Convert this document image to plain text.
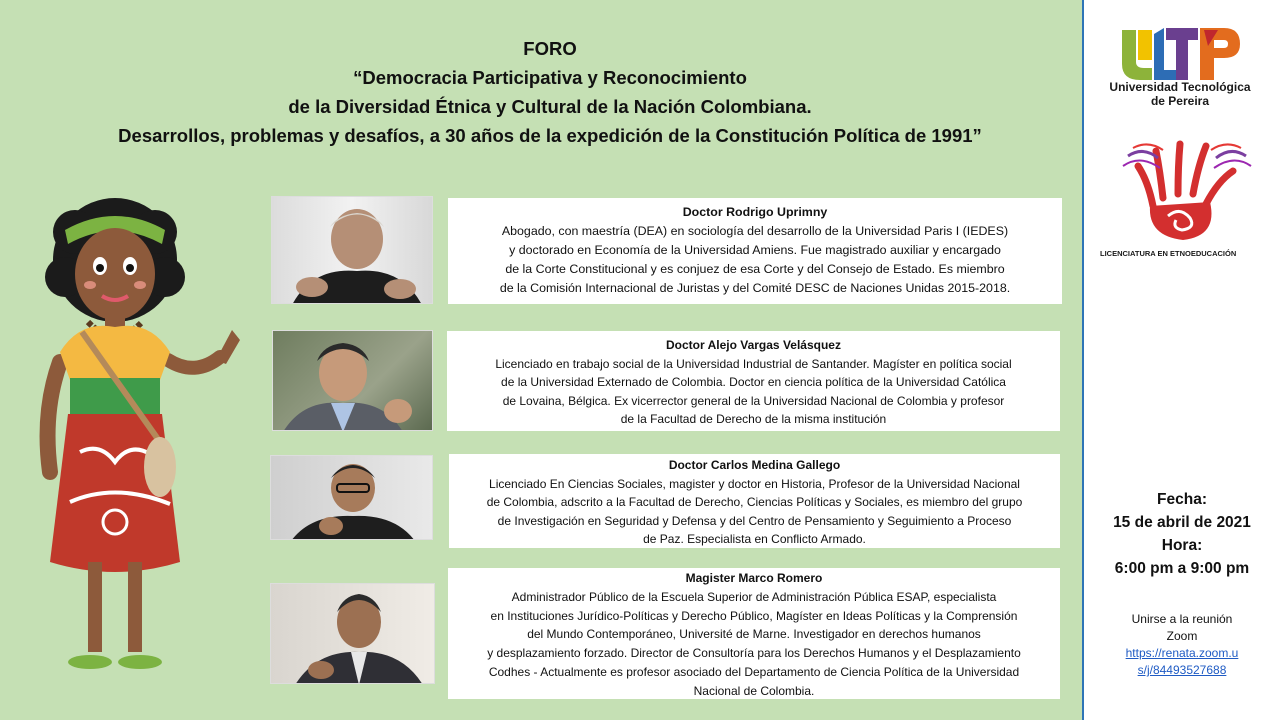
FORO
“Democracia Participativa y Reconocimiento
de la Diversidad Étnica y Cultural de la Nación Colombiana.
Desarrollos, problemas y desafíos, a 30 años de la expedición de la Constitución Política de 1991”
Doctor Rodrigo Uprimny
Abogado, con maestría (DEA) en sociología del desarrollo de la Universidad Paris I (IEDES)
y doctorado en Economía de la Universidad Amiens. Fue magistrado auxiliar y encargado
de la Corte Constitucional y es conjuez de esa Corte y del Consejo de Estado. Es miembro
de la Comisión Internacional de Juristas y del Comité DESC de Naciones Unidas 2015-2018.
Doctor Alejo Vargas Velásquez
Licenciado en trabajo social de la Universidad Industrial de Santander. Magíster en política social
de la Universidad Externado de Colombia. Doctor en ciencia política de la Universidad Católica
de Lovaina, Bélgica. Ex vicerrector general de la Universidad Nacional de Colombia y profesor
de la Facultad de Derecho de la misma institución
Doctor Carlos Medina Gallego
Licenciado En Ciencias Sociales, magister y doctor en Historia, Profesor de la Universidad Nacional
de Colombia, adscrito a la Facultad de Derecho, Ciencias Políticas y Sociales, es miembro del grupo
de Investigación en Seguridad y Defensa y del Centro de Pensamiento y Seguimiento a Proceso
de Paz. Especialista en Conflicto Armado.
Magister Marco Romero
Administrador Público de la Escuela Superior de Administración Pública ESAP, especialista
en Instituciones Jurídico-Políticas y Derecho Público, Magíster en Ideas Políticas y la Comprensión
del Mundo Contemporáneo, Université de Marne. Investigador en derechos humanos
y desplazamiento forzado. Director de Consultoría para los Derechos Humanos y el Desplazamiento
Codhes - Actualmente es profesor asociado del Departamento de Ciencia Política de la Universidad
Nacional de Colombia.
Universidad Tecnológica
de Pereira
LICENCIATURA EN ETNOEDUCACIÓN
Fecha:
15 de abril de 2021
Hora:
6:00 pm a 9:00 pm
Unirse a la reunión
Zoom
https://renata.zoom.u
s/j/84493527688
